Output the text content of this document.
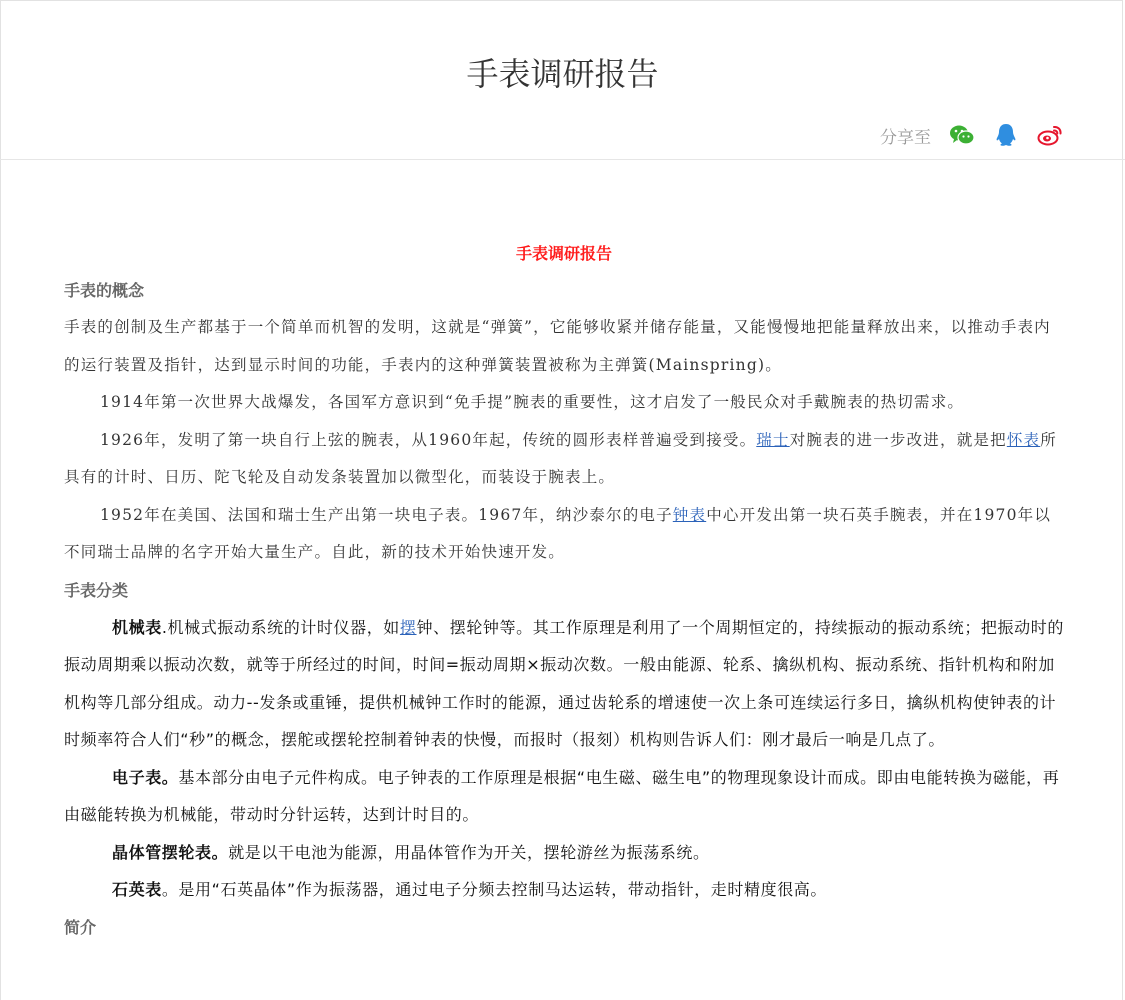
手表调研报告
分享至
手表调研报告
手表的概念

手表的创制及生产都基于一个简单而机智的发明，这就是“弹簧”，它能够收紧并储存能量，又能慢慢地把能量释放出来，以推动手表内的运行装置及指针，达到显示时间的功能，手表内的这种弹簧装置被称为主弹簧(Mainspring)。

1914年第一次世界大战爆发，各国军方意识到“免手提”腕表的重要性，这才启发了一般民众对手戴腕表的热切需求。

1926年，发明了第一块自行上弦的腕表，从1960年起，传统的圆形表样普遍受到接受。瑞士对腕表的进一步改进，就是把怀表所具有的计时、日历、陀飞轮及自动发条装置加以微型化，而装设于腕表上。

1952年在美国、法国和瑞士生产出第一块电子表。1967年，纳沙泰尔的电子钟表中心开发出第一块石英手腕表，并在1970年以不同瑞士品牌的名字开始大量生产。自此，新的技术开始快速开发。

手表分类

机械表.机械式振动系统的计时仪器，如摆钟、摆轮钟等。其工作原理是利用了一个周期恒定的，持续振动的振动系统；把振动时的振动周期乘以振动次数，就等于所经过的时间，时间=振动周期×振动次数。一般由能源、轮系、擒纵机构、振动系统、指针机构和附加机构等几部分组成。动力--发条或重锤，提供机械钟工作时的能源，通过齿轮系的增速使一次上条可连续运行多日，擒纵机构使钟表的计时频率符合人们“秒”的概念，摆舵或摆轮控制着钟表的快慢，而报时（报刻）机构则告诉人们：刚才最后一响是几点了。

电子表。基本部分由电子元件构成。电子钟表的工作原理是根据“电生磁、磁生电”的物理现象设计而成。即由电能转换为磁能，再由磁能转换为机械能，带动时分针运转，达到计时目的。

晶体管摆轮表。就是以干电池为能源，用晶体管作为开关，摆轮游丝为振荡系统。

石英表。是用“石英晶体”作为振荡器，通过电子分频去控制马达运转，带动指针，走时精度很高。

简介
